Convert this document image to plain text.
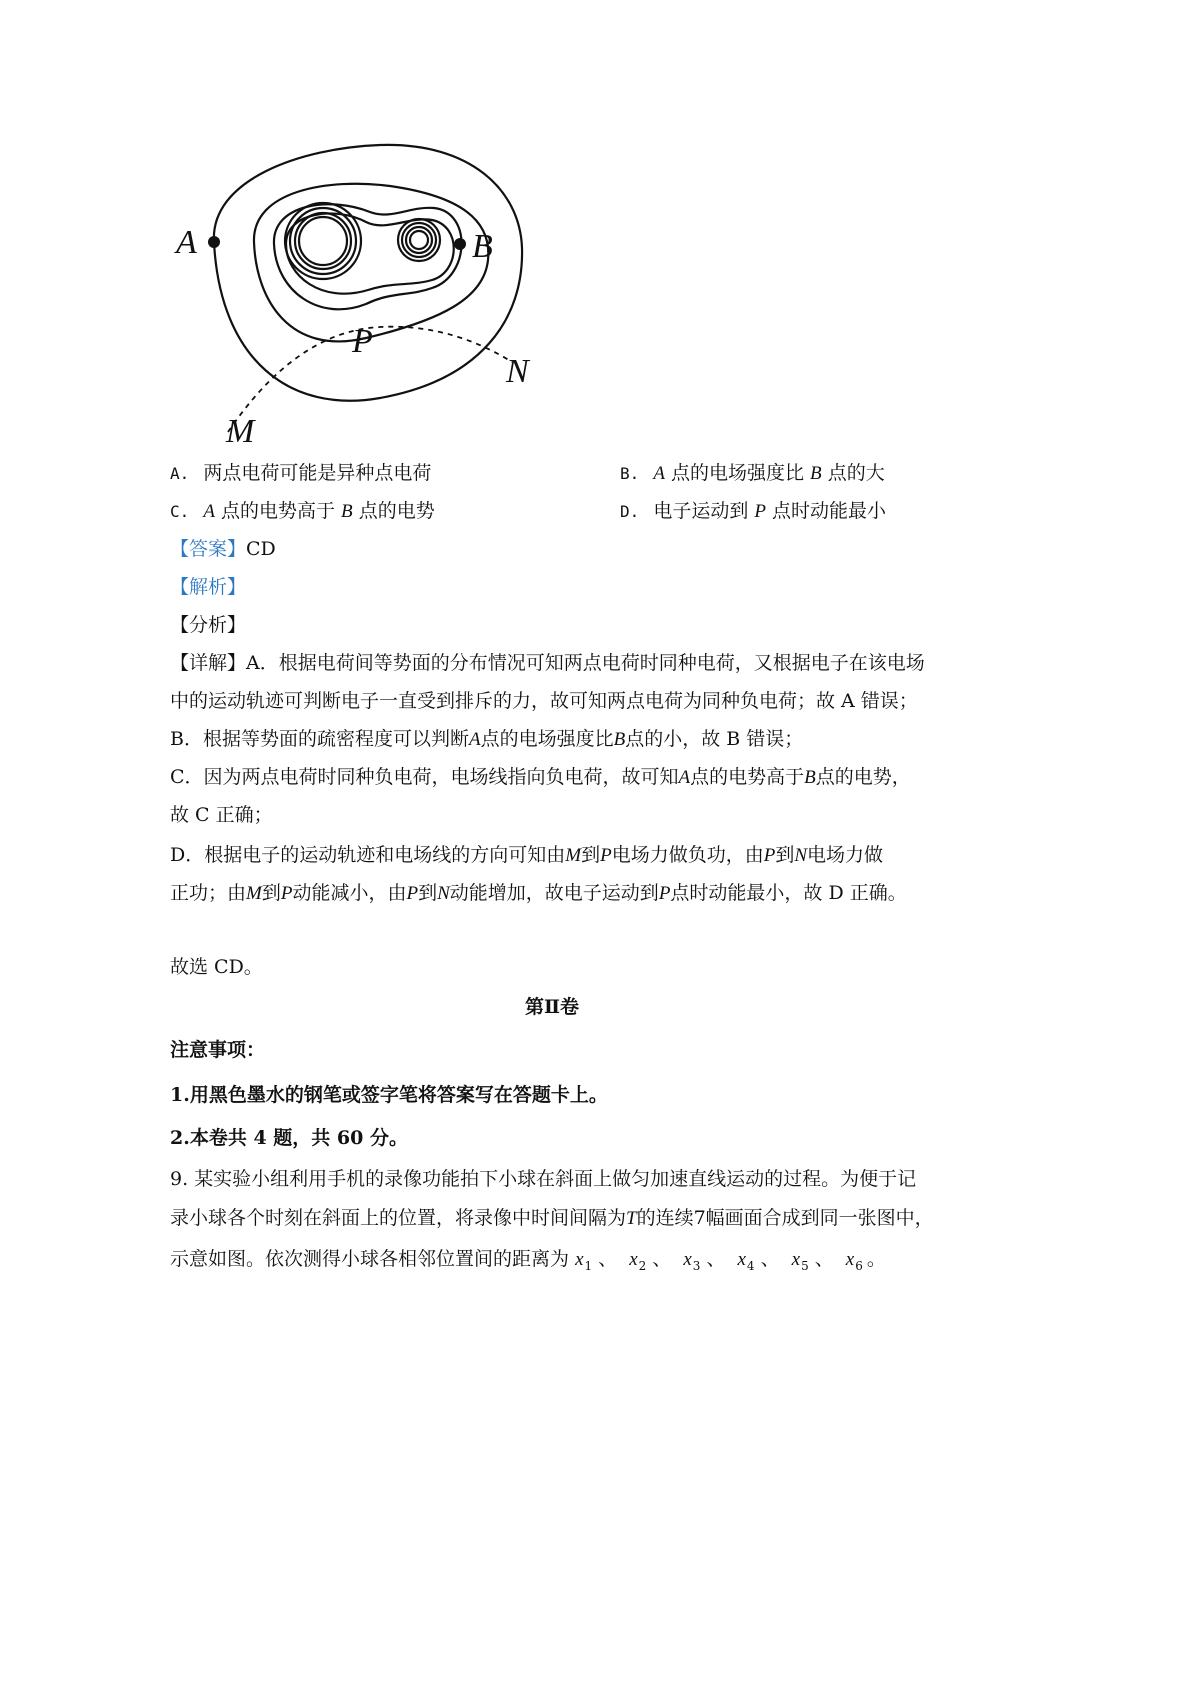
A	B
P
N
M
A. 两点电荷可能是异种点电荷	B. A 点的电场强度比 B 点的大
C. A 点的电势高于 B 点的电势	D. 电子运动到 P 点时动能最小
【答案】CD
【解析】
【分析】
【详解】A．根据电荷间等势面的分布情况可知两点电荷时同种电荷，又根据电子在该电场
中的运动轨迹可判断电子一直受到排斥的力，故可知两点电荷为同种负电荷；故 A 错误；
B．根据等势面的疏密程度可以判断A点的电场强度比B点的小，故 B 错误；
C．因为两点电荷时同种负电荷，电场线指向负电荷，故可知A点的电势高于B点的电势，
故 C 正确；
D．根据电子的运动轨迹和电场线的方向可知由M到P电场力做负功，由P到N电场力做
正功；由M到P动能减小，由P到N动能增加，故电子运动到P点时动能最小，故 D 正确。
故选 CD。
第Ⅱ卷
注意事项：
1.用黑色墨水的钢笔或签字笔将答案写在答题卡上。
2.本卷共 4 题，共 60 分。
9. 某实验小组利用手机的录像功能拍下小球在斜面上做匀加速直线运动的过程。为便于记
录小球各个时刻在斜面上的位置，将录像中时间间隔为T的连续7幅画面合成到同一张图中，
示意如图。依次测得小球各相邻位置间的距离为 $x_1$ 、 $x_2$ 、 $x_3$ 、 $x_4$ 、 $x_5$ 、 $x_6$ 。
